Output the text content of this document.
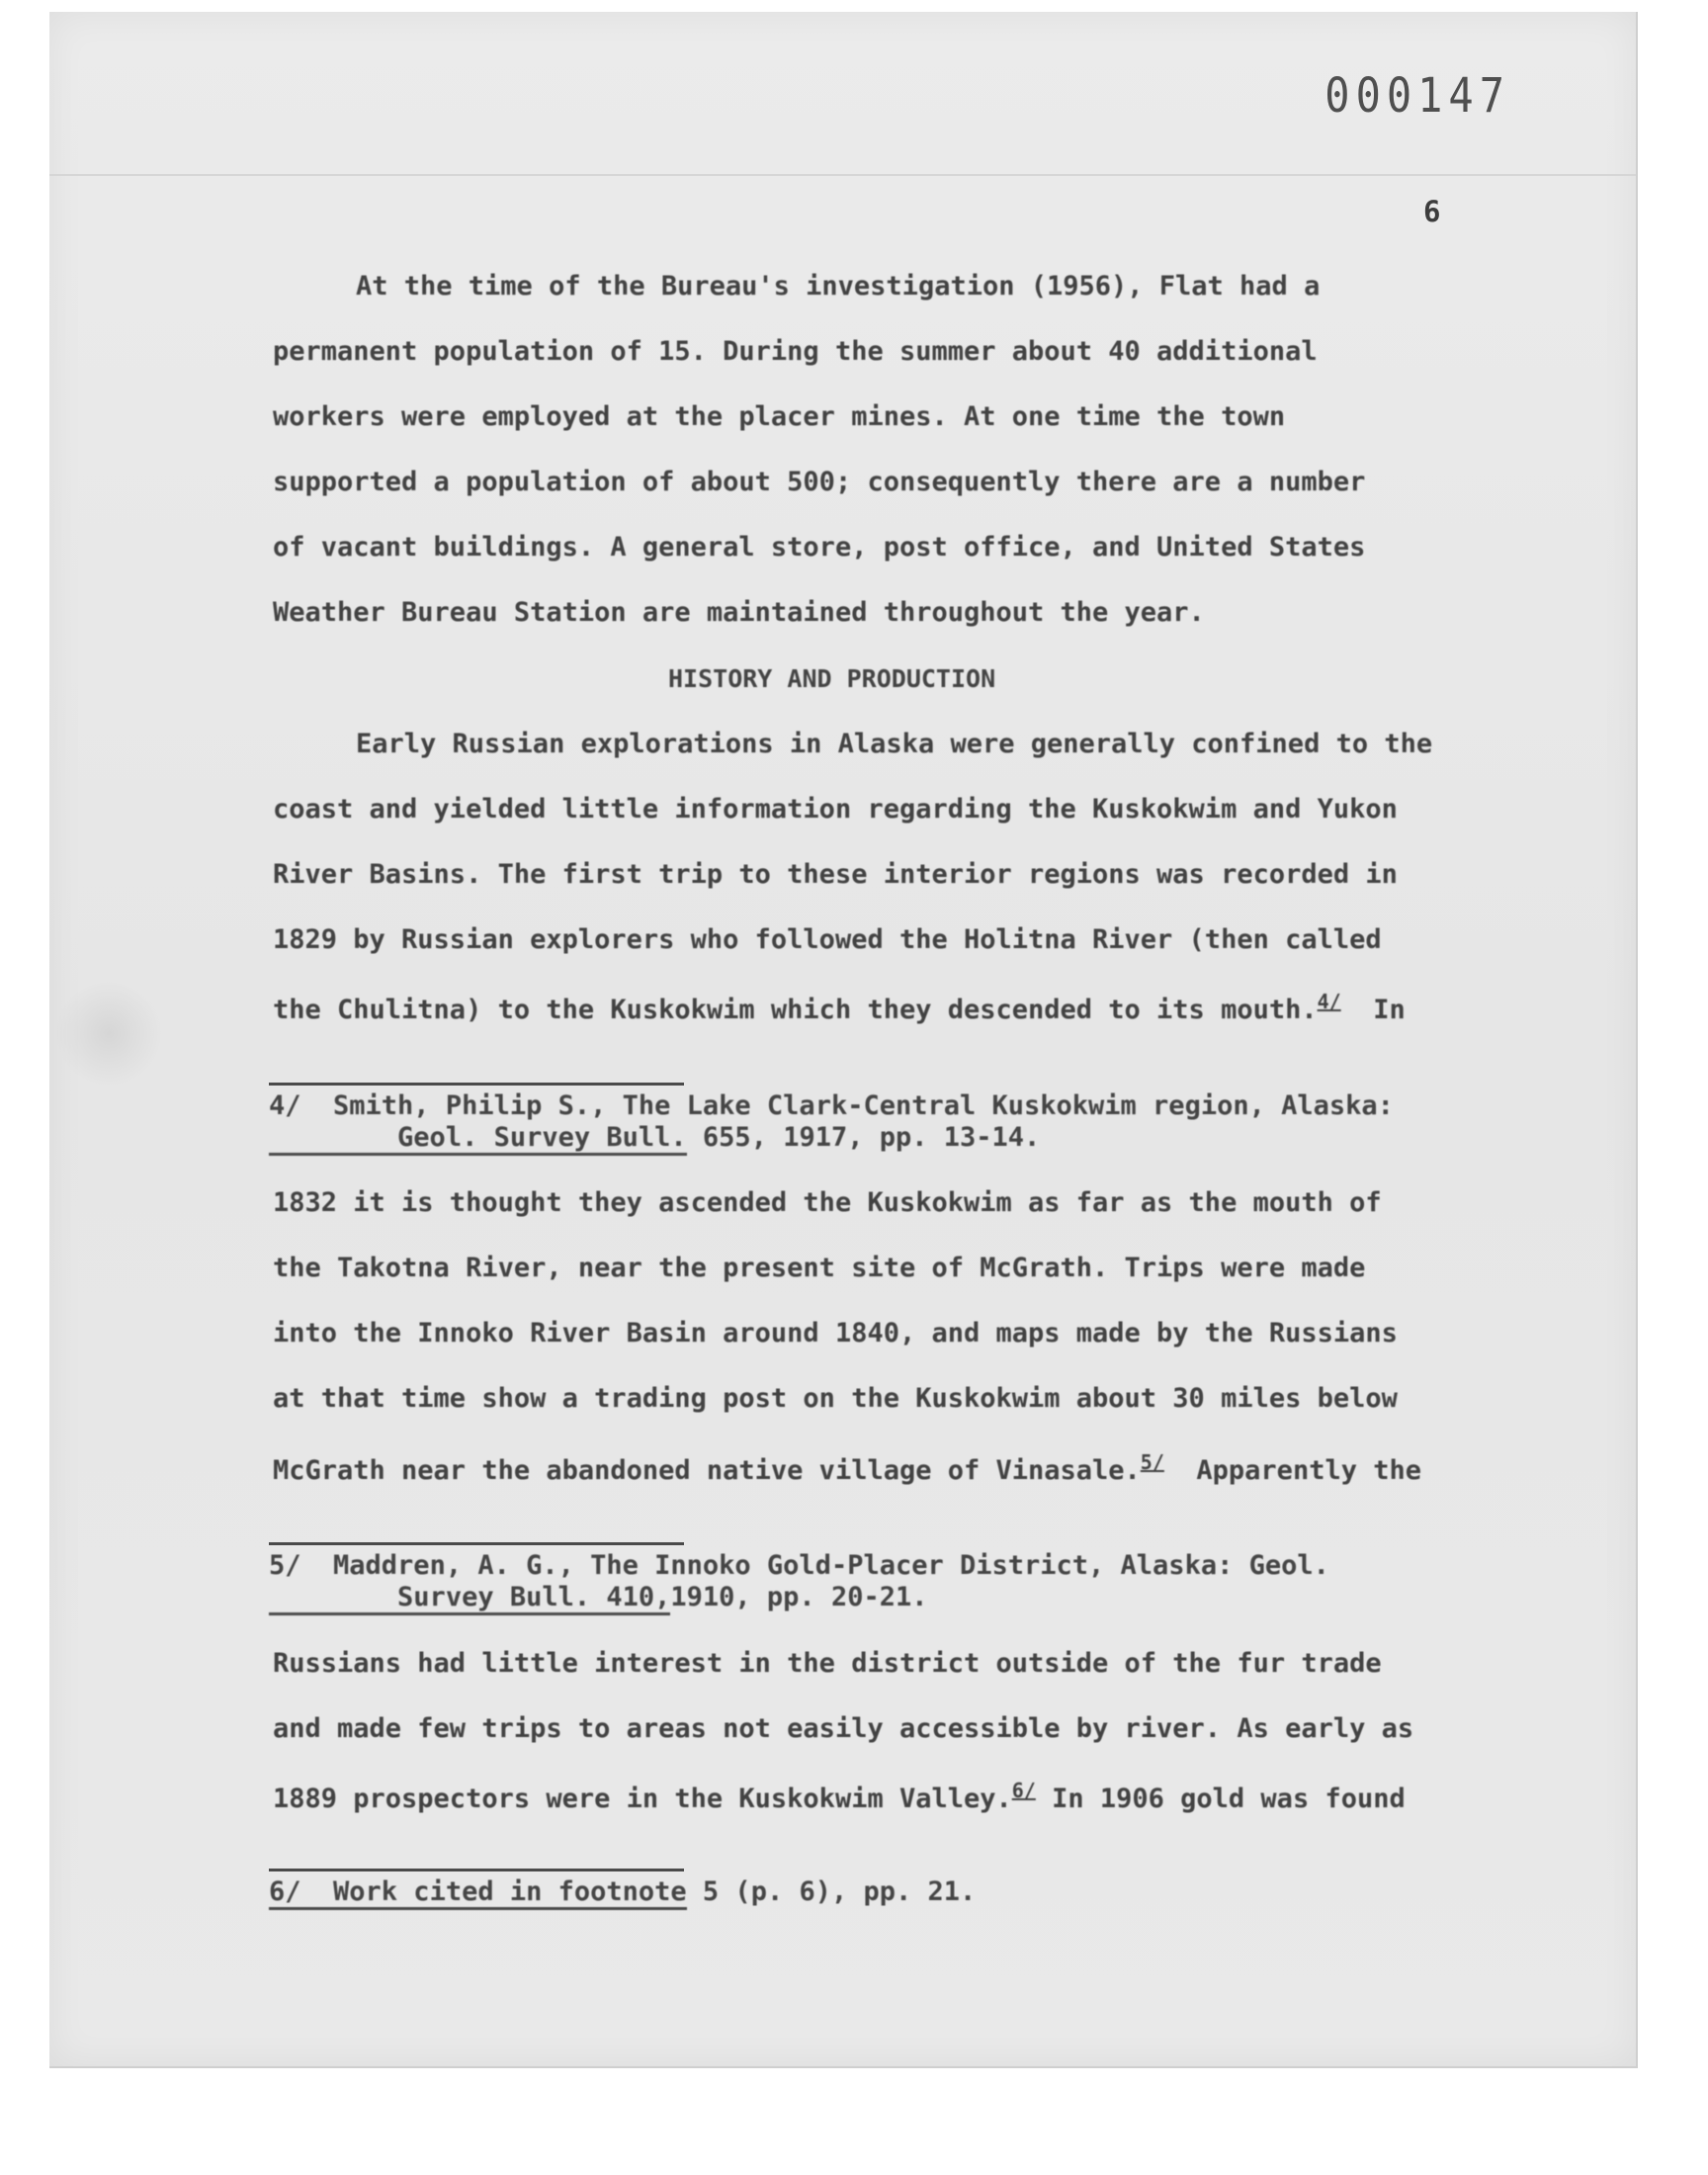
000147
6
At the time of the Bureau's investigation (1956), Flat had a
permanent population of 15. During the summer about 40 additional
workers were employed at the placer mines. At one time the town
supported a population of about 500; consequently there are a number
of vacant buildings. A general store, post office, and United States
Weather Bureau Station are maintained throughout the year.
HISTORY AND PRODUCTION
Early Russian explorations in Alaska were generally confined to the
coast and yielded little information regarding the Kuskokwim and Yukon
River Basins. The first trip to these interior regions was recorded in
1829 by Russian explorers who followed the Holitna River (then called
the Chulitna) to the Kuskokwim which they descended to its mouth.$^{4/}$ In
4/ Smith, Philip S., The Lake Clark-Central Kuskokwim region, Alaska:
Geol. Survey Bull. 655, 1917, pp. 13-14.
1832 it is thought they ascended the Kuskokwim as far as the mouth of
the Takotna River, near the present site of McGrath. Trips were made
into the Innoko River Basin around 1840, and maps made by the Russians
at that time show a trading post on the Kuskokwim about 30 miles below
McGrath near the abandoned native village of Vinasale.$^{5/}$ Apparently the
5/ Maddren, A. G., The Innoko Gold-Placer District, Alaska: Geol.
Survey Bull. 410,1910, pp. 20-21.
Russians had little interest in the district outside of the fur trade
and made few trips to areas not easily accessible by river. As early as
1889 prospectors were in the Kuskokwim Valley.$^{6/}$ In 1906 gold was found
6/ Work cited in footnote 5 (p. 6), pp. 21.
